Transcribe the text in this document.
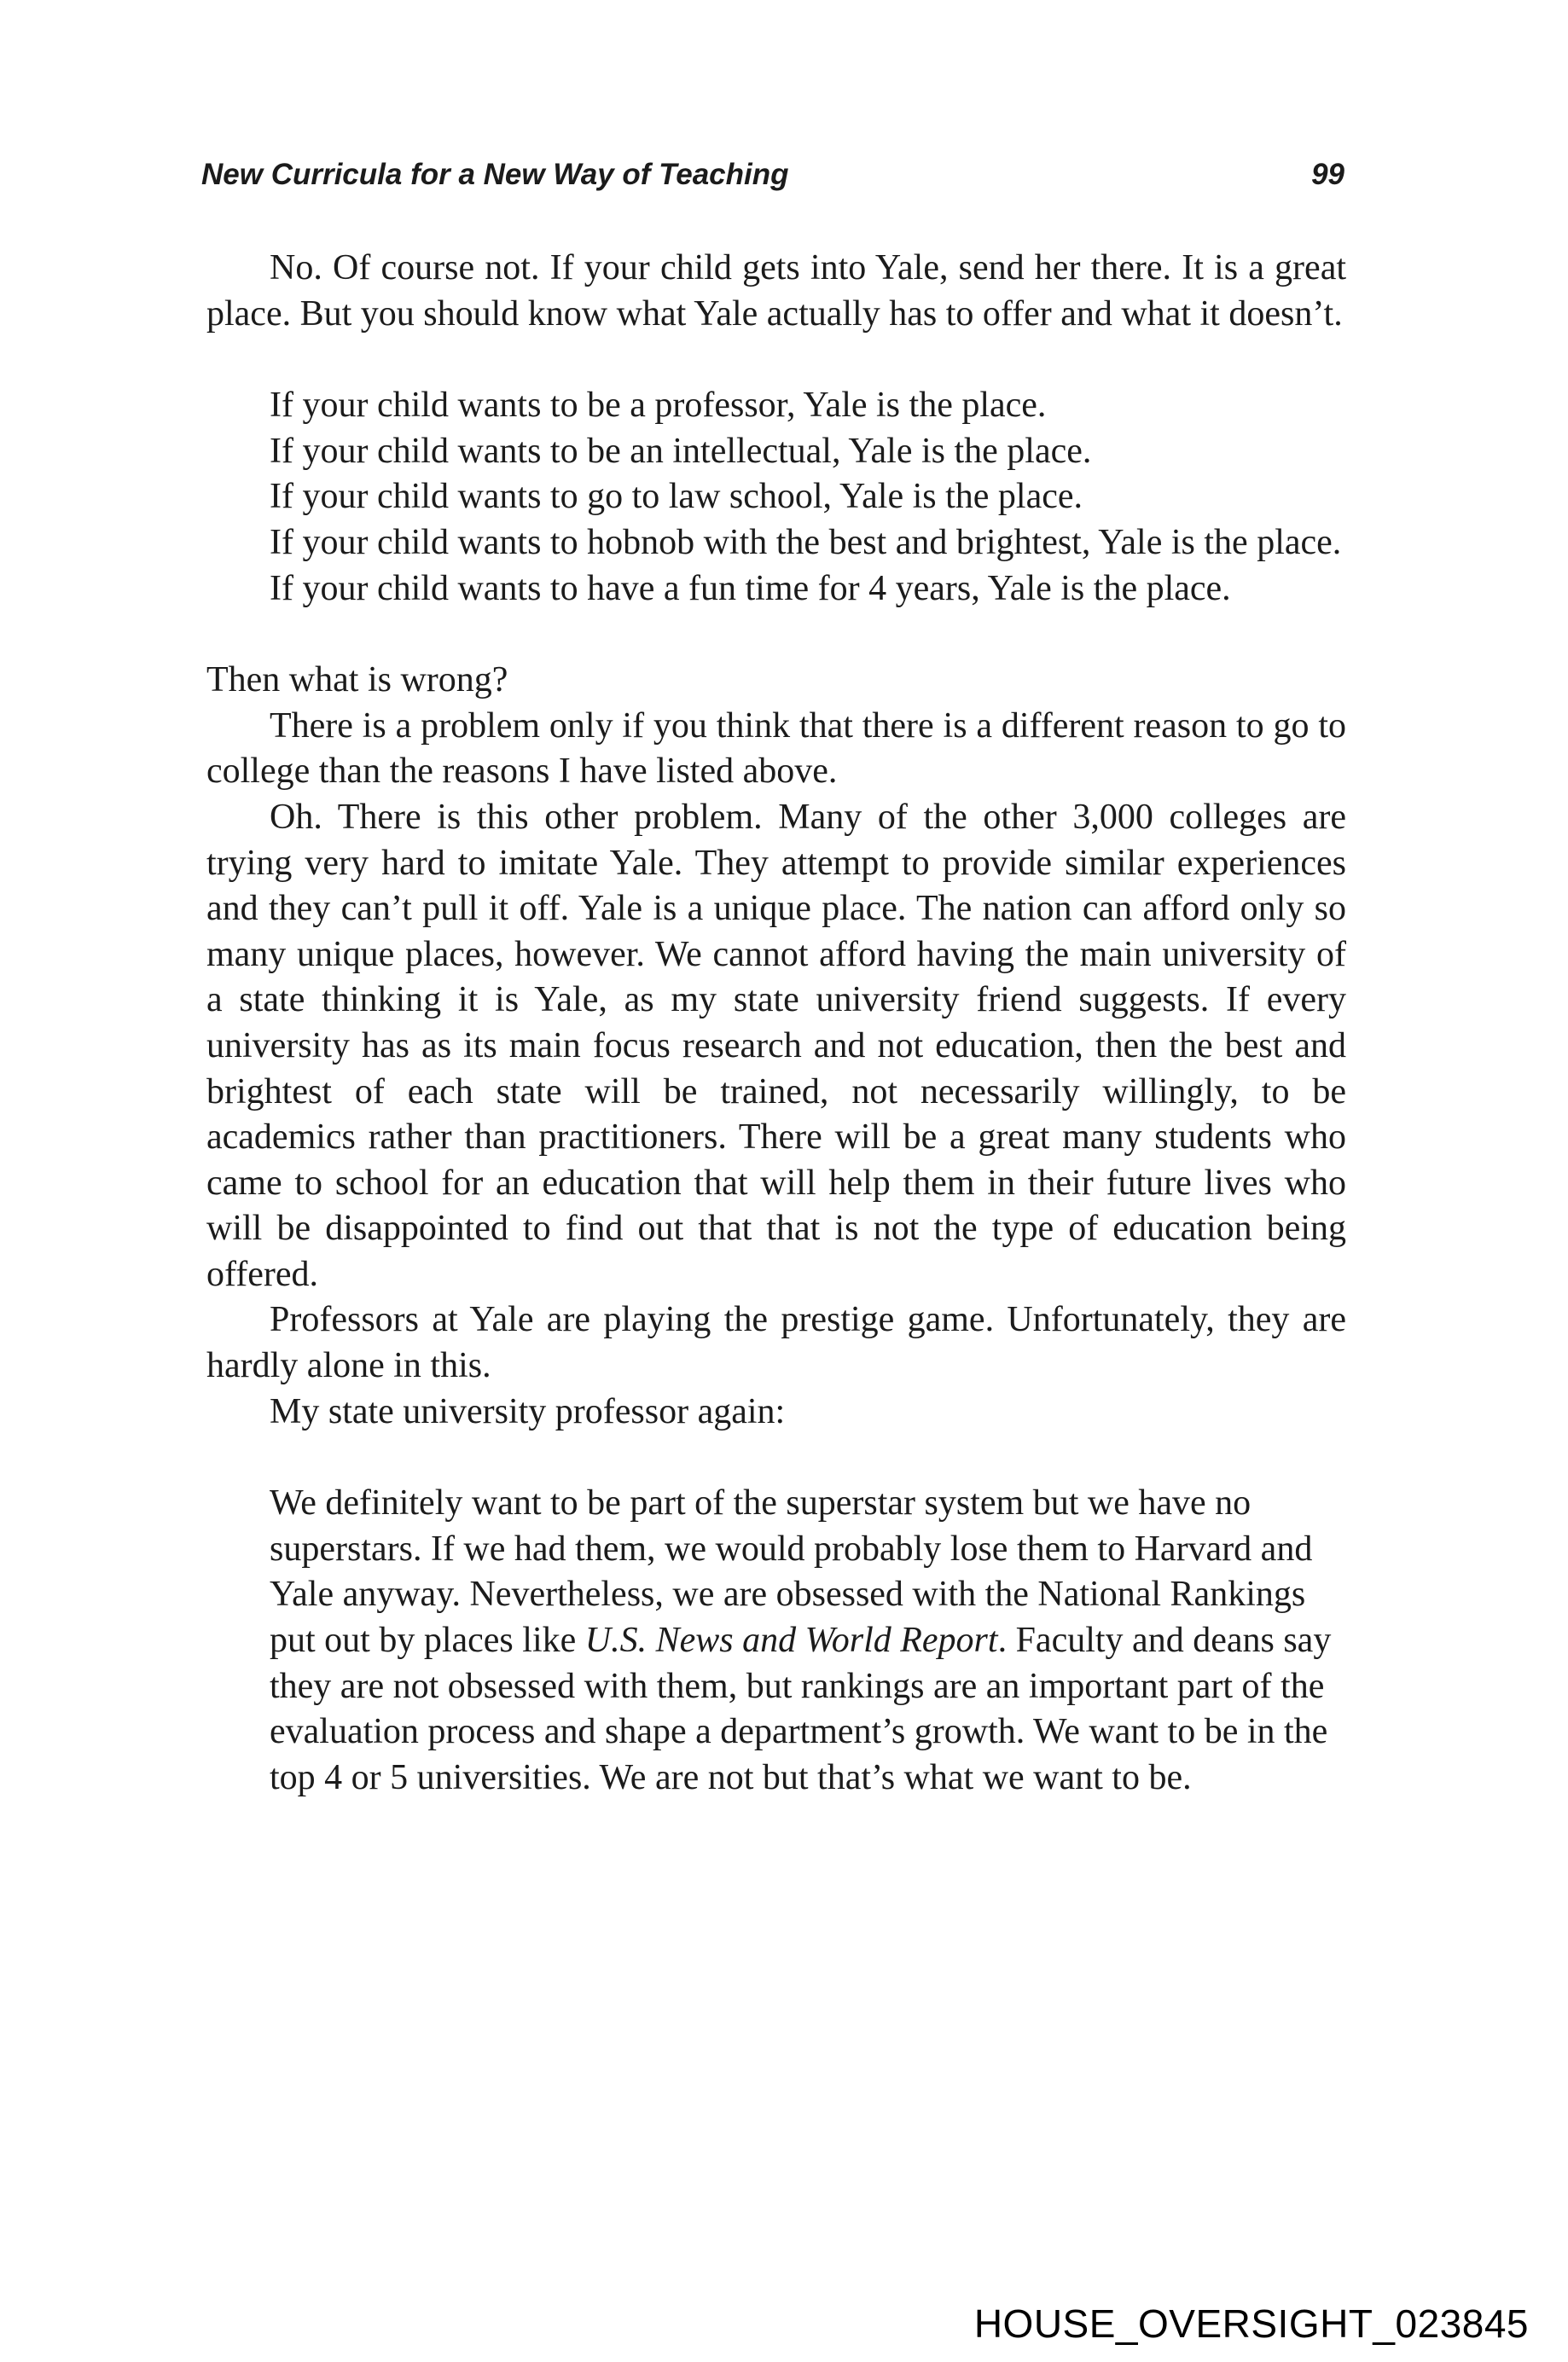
New Curricula for a New Way of Teaching	99

No. Of course not. If your child gets into Yale, send her there. It is a great place. But you should know what Yale actually has to offer and what it doesn’t.

If your child wants to be a professor, Yale is the place.

If your child wants to be an intellectual, Yale is the place.

If your child wants to go to law school, Yale is the place.

If your child wants to hobnob with the best and brightest, Yale is the place.

If your child wants to have a fun time for 4 years, Yale is the place.

Then what is wrong?

There is a problem only if you think that there is a different reason to go to college than the reasons I have listed above.

Oh. There is this other problem. Many of the other 3,000 colleges are trying very hard to imitate Yale. They attempt to provide similar experiences and they can’t pull it off. Yale is a unique place. The nation can afford only so many unique places, however. We cannot afford having the main university of a state thinking it is Yale, as my state university friend suggests. If every university has as its main focus research and not education, then the best and brightest of each state will be trained, not necessarily willingly, to be academics rather than practitioners. There will be a great many students who came to school for an education that will help them in their future lives who will be disappointed to find out that that is not the type of education being offered.

Professors at Yale are playing the prestige game. Unfortunately, they are hardly alone in this.

My state university professor again:

We definitely want to be part of the superstar system but we have no superstars. If we had them, we would probably lose them to Harvard and Yale anyway. Nevertheless, we are obsessed with the National Rankings put out by places like U.S. News and World Report. Faculty and deans say they are not obsessed with them, but rankings are an important part of the evaluation process and shape a department’s growth. We want to be in the top 4 or 5 universities. We are not but that’s what we want to be.
HOUSE_OVERSIGHT_023845
